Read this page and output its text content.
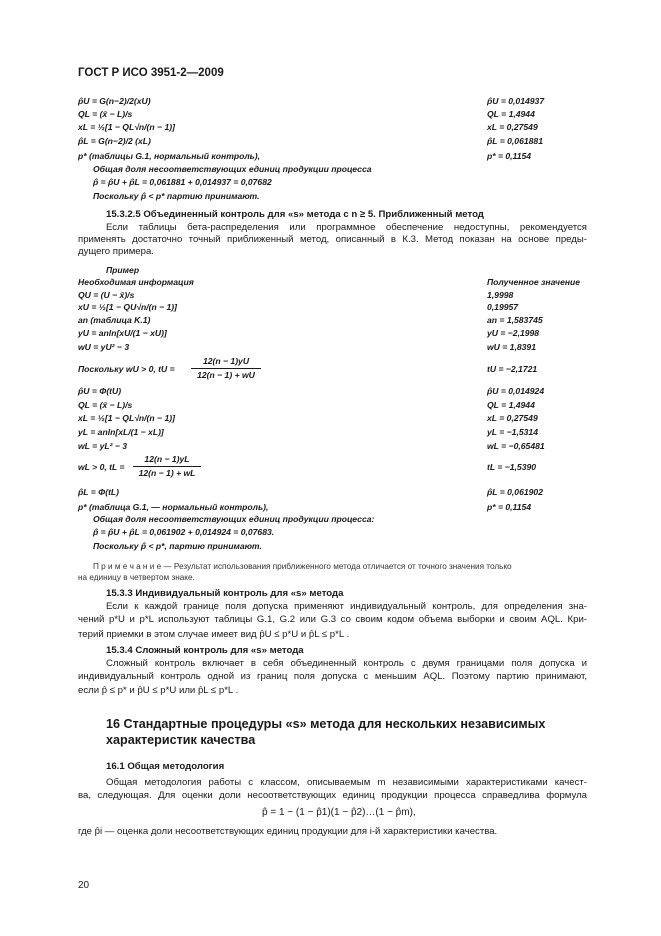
ГОСТ Р ИСО 3951-2—2009
p̂U = G(n−2)/2(xU)	p̂U = 0,014937
QL = (x̄ − L)/s	QL = 1,4944
xL = ½[1 − QL√n/(n − 1)]	xL = 0,27549
p̂L = G(n−2)/2 (xL)	p̂L = 0,061881
p* (таблицы G.1, нормальный контроль),	p* = 0,1154
Общая доля несоответствующих единиц продукции процесса
p̂ = p̂U + p̂L = 0,061881 + 0,014937 = 0,07682
Поскольку p̂ < p* партию принимают.
15.3.2.5 Объединенный контроль для «s» метода с n ≥ 5. Приближенный метод
Если таблицы бета-распределения или программное обеспечение недоступны, рекомендуется
применять достаточно точный приближенный метод, описанный в К.3. Метод показан на основе преды-
дущего примера.
Пример
Необходимая информация	Полученное значение
QU = (U − x̄)/s	1,9998
xU = ½[1 − QU√n/(n − 1)]	0,19957
an (таблица K.1)	an = 1,583745
yU = anln[xU/(1 − xU)]	yU = −2,1998
wU = yU² − 3	wU = 1,8391
Поскольку wU > 0, tU =
12(n − 1)yU
12(n − 1) + wU
tU = −2,1721
p̂U = Φ(tU)	p̂U = 0,014924
QL = (x̄ − L)/s	QL = 1,4944
xL = ½[1 − QL√n/(n − 1)]	xL = 0,27549
yL = anln[xL/(1 − xL)]	yL = −1,5314
wL = yL² − 3	wL = −0,65481
wL > 0, tL =
12(n − 1)yL
12(n − 1) + wL
tL = −1,5390
p̂L = Φ(tL)	p̂L = 0,061902
p* (таблица G.1, — нормальный контроль),	p* = 0,1154
Общая доля несоответствующих единиц продукции процесса:
p̂ = p̂U + p̂L = 0,061902 + 0,014924 = 0,07683.
Поскольку p̂ < p*, партию принимают.
П р и м е ч а н и е — Результат использования приближенного метода отличается от точного значения только
на единицу в четвертом знаке.
15.3.3 Индивидуальный контроль для «s» метода
Если к каждой границе поля допуска применяют индивидуальный контроль, для определения зна-
чений p*U и p*L используют таблицы G.1, G.2 или G.3 со своим кодом объема выборки и своим AQL. Кри-
терий приемки в этом случае имеет вид p̂U ≤ p*U и p̂L ≤ p*L .
15.3.4 Сложный контроль для «s» метода
Сложный контроль включает в себя объединенный контроль с двумя границами поля допуска и
индивидуальный контроль одной из границ поля допуска с меньшим AQL. Поэтому партию принимают,
если p̂ ≤ p* и p̂U ≤ p*U или p̂L ≤ p*L .
16 Стандартные процедуры «s» метода для нескольких независимых
характеристик качества
16.1 Общая методология
Общая методология работы с классом, описываемым m независимыми характеристиками качест-
ва, следующая. Для оценки доли несоответствующих единиц продукции процесса справедлива формула
p̂ = 1 − (1 − p̂1)(1 − p̂2)…(1 − p̂m),
где p̂i — оценка доли несоответствующих единиц продукции для i-й характеристики качества.
20
